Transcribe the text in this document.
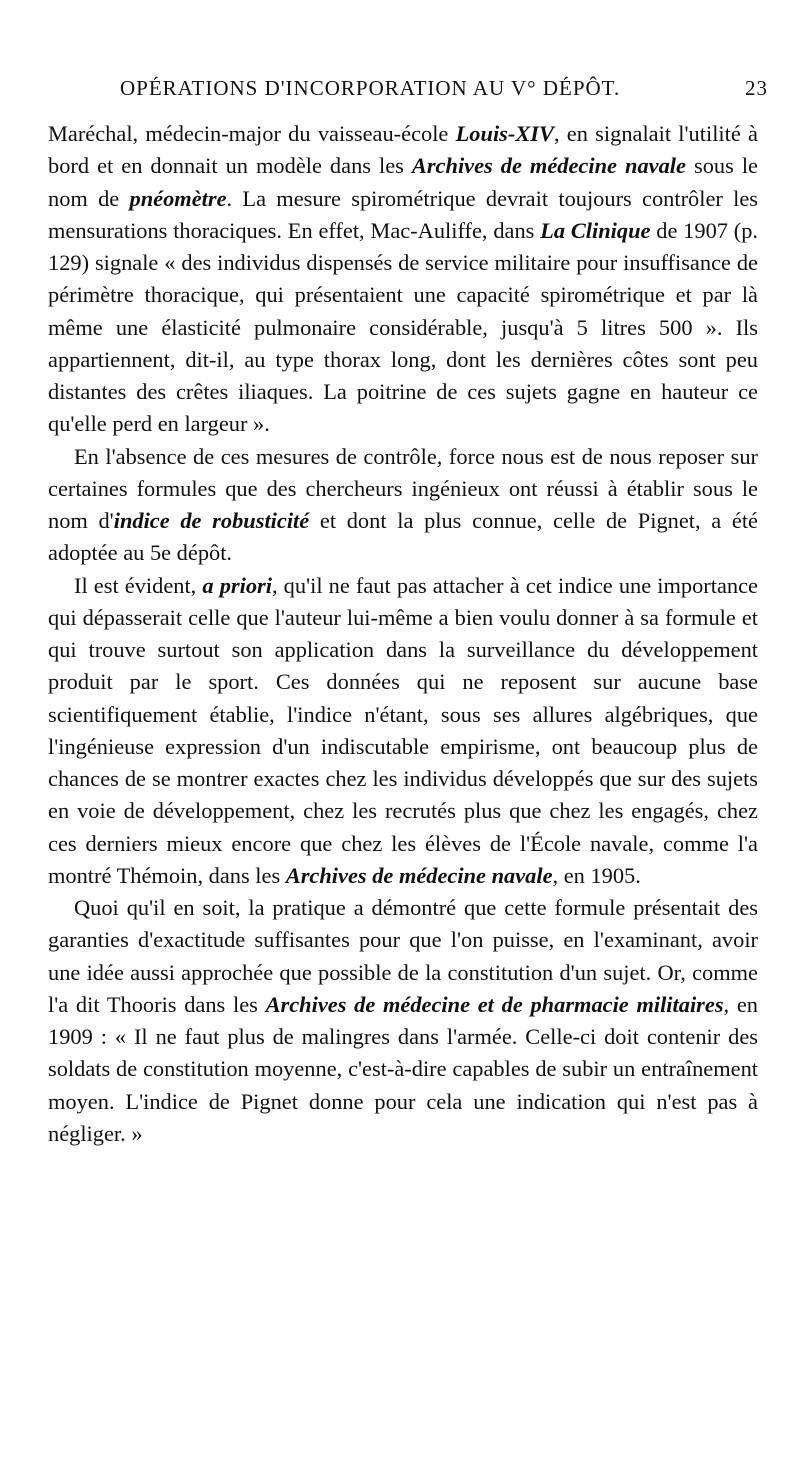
OPÉRATIONS D'INCORPORATION AU V° DÉPÔT.	23

Maréchal, médecin-major du vaisseau-école Louis-XIV, en signalait l'utilité à bord et en donnait un modèle dans les Archives de médecine navale sous le nom de pnéomètre. La mesure spirométrique devrait toujours contrôler les mensurations thoraciques. En effet, Mac-Auliffe, dans La Clinique de 1907 (p. 129) signale « des individus dispensés de service militaire pour insuffisance de périmètre thoracique, qui présentaient une capacité spirométrique et par là même une élasticité pulmonaire considérable, jusqu'à 5 litres 500 ». Ils appartiennent, dit-il, au type thorax long, dont les dernières côtes sont peu distantes des crêtes iliaques. La poitrine de ces sujets gagne en hauteur ce qu'elle perd en largeur ».

En l'absence de ces mesures de contrôle, force nous est de nous reposer sur certaines formules que des chercheurs ingénieux ont réussi à établir sous le nom d'indice de robusticité et dont la plus connue, celle de Pignet, a été adoptée au 5e dépôt.

Il est évident, a priori, qu'il ne faut pas attacher à cet indice une importance qui dépasserait celle que l'auteur lui-même a bien voulu donner à sa formule et qui trouve surtout son application dans la surveillance du développement produit par le sport. Ces données qui ne reposent sur aucune base scientifiquement établie, l'indice n'étant, sous ses allures algébriques, que l'ingénieuse expression d'un indiscutable empirisme, ont beaucoup plus de chances de se montrer exactes chez les individus développés que sur des sujets en voie de développement, chez les recrutés plus que chez les engagés, chez ces derniers mieux encore que chez les élèves de l'École navale, comme l'a montré Thémoin, dans les Archives de médecine navale, en 1905.

Quoi qu'il en soit, la pratique a démontré que cette formule présentait des garanties d'exactitude suffisantes pour que l'on puisse, en l'examinant, avoir une idée aussi approchée que possible de la constitution d'un sujet. Or, comme l'a dit Thooris dans les Archives de médecine et de pharmacie militaires, en 1909 : « Il ne faut plus de malingres dans l'armée. Celle-ci doit contenir des soldats de constitution moyenne, c'est-à-dire capables de subir un entraînement moyen. L'indice de Pignet donne pour cela une indication qui n'est pas à négliger. »
